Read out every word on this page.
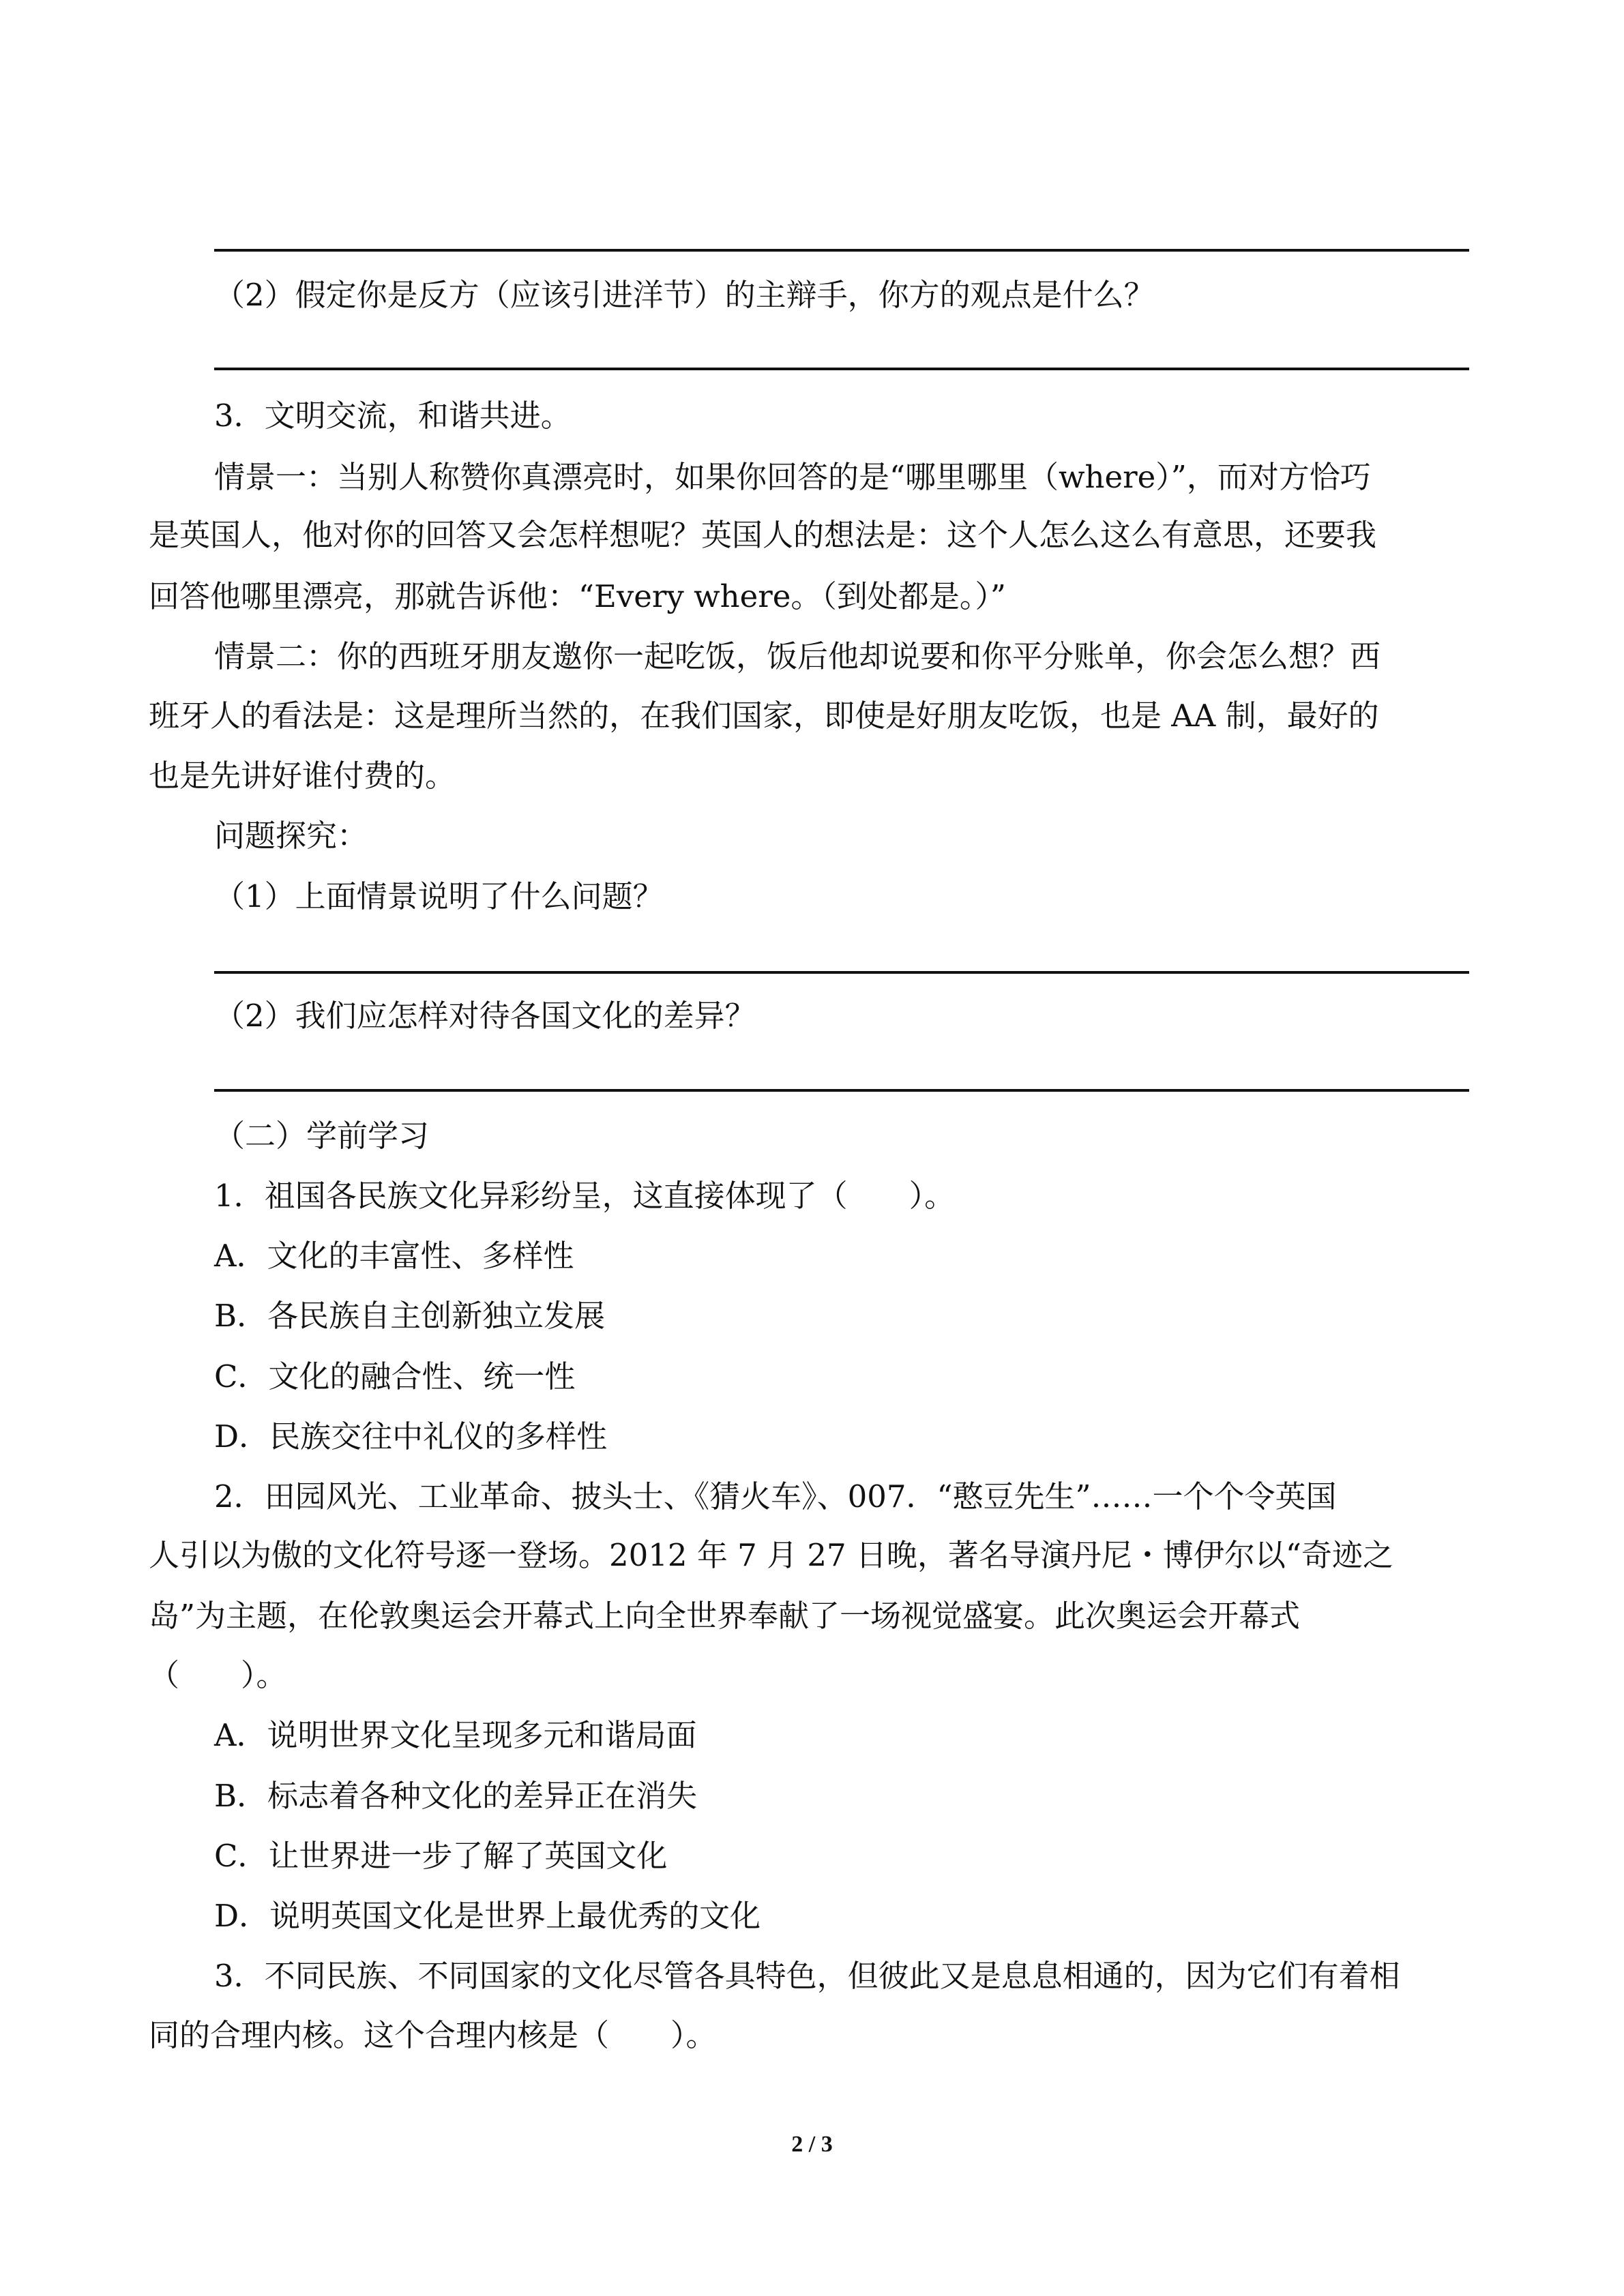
（2）假定你是反方（应该引进洋节）的主辩手，你方的观点是什么？
3．文明交流，和谐共进。
情景一：当别人称赞你真漂亮时，如果你回答的是“哪里哪里（where）”，而对方恰巧
是英国人，他对你的回答又会怎样想呢？英国人的想法是：这个人怎么这么有意思，还要我
回答他哪里漂亮，那就告诉他：“Every where。（到处都是。）”
情景二：你的西班牙朋友邀你一起吃饭，饭后他却说要和你平分账单，你会怎么想？西
班牙人的看法是：这是理所当然的，在我们国家，即使是好朋友吃饭，也是 AA 制，最好的
也是先讲好谁付费的。
问题探究：
（1）上面情景说明了什么问题？
（2）我们应怎样对待各国文化的差异？
（二）学前学习
1．祖国各民族文化异彩纷呈，这直接体现了（　　）。
A．文化的丰富性、多样性
B．各民族自主创新独立发展
C．文化的融合性、统一性
D．民族交往中礼仪的多样性
2．田园风光、工业革命、披头士、《猜火车》、007．“憨豆先生”……一个个令英国
人引以为傲的文化符号逐一登场。2012 年 7 月 27 日晚，著名导演丹尼・博伊尔以“奇迹之
岛”为主题，在伦敦奥运会开幕式上向全世界奉献了一场视觉盛宴。此次奥运会开幕式
（　　）。
A．说明世界文化呈现多元和谐局面
B．标志着各种文化的差异正在消失
C．让世界进一步了解了英国文化
D．说明英国文化是世界上最优秀的文化
3．不同民族、不同国家的文化尽管各具特色，但彼此又是息息相通的，因为它们有着相
同的合理内核。这个合理内核是（　　）。
2 / 3
